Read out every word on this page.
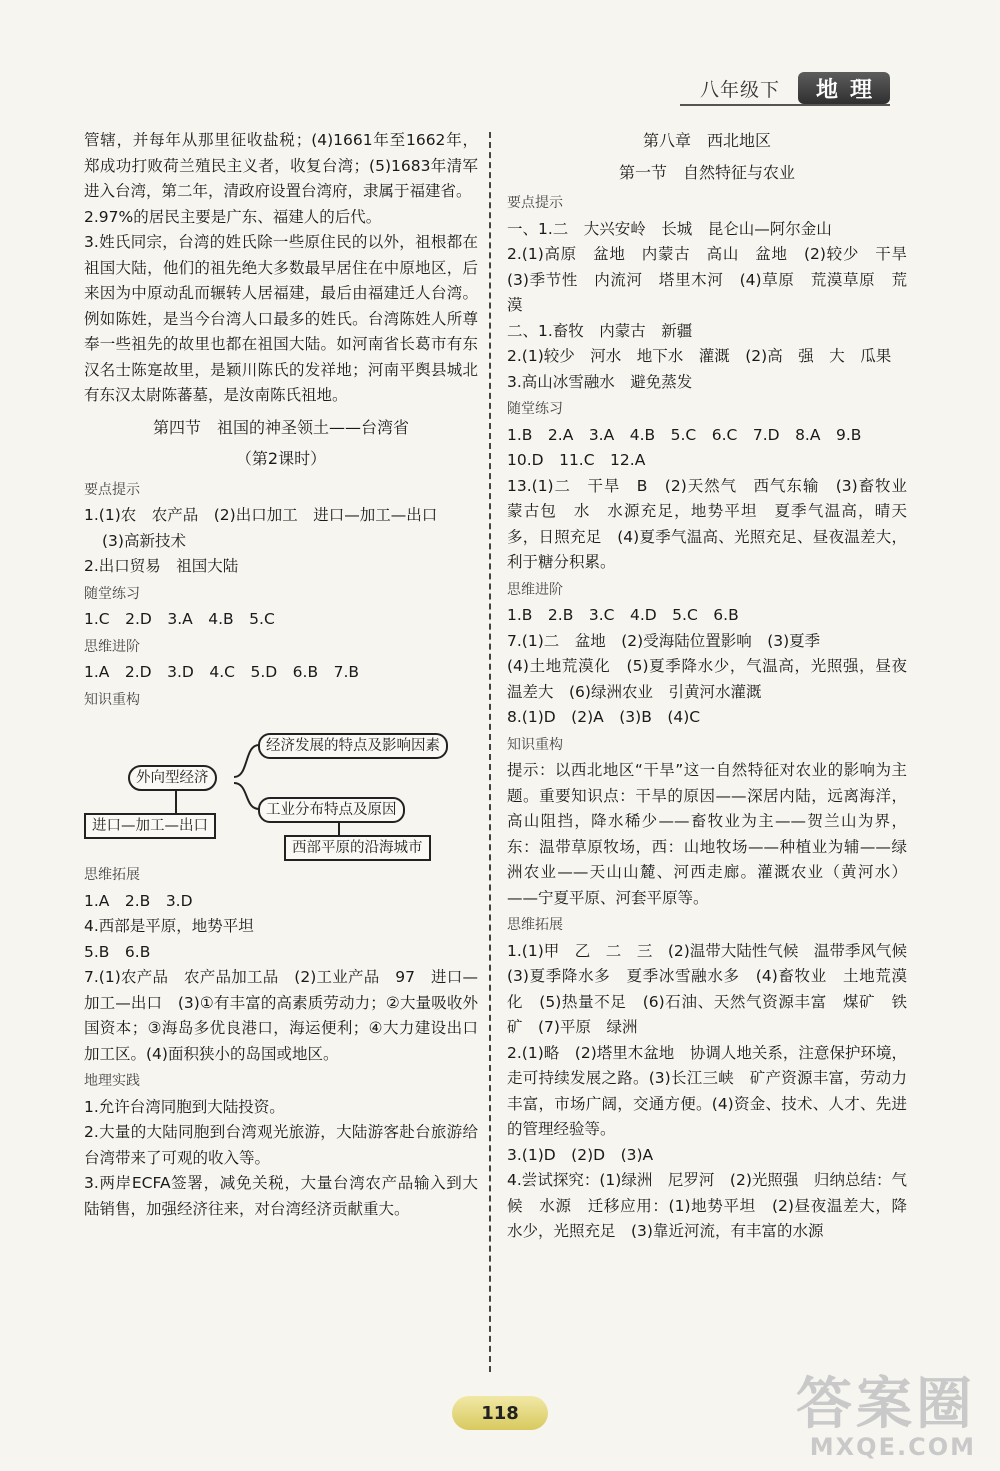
八年级下	地理

管辖，并每年从那里征收盐税；(4)1661年至1662年，郑成功打败荷兰殖民主义者，收复台湾；(5)1683年清军进入台湾，第二年，清政府设置台湾府，隶属于福建省。

2.97%的居民主要是广东、福建人的后代。

3.姓氏同宗，台湾的姓氏除一些原住民的以外，祖根都在祖国大陆，他们的祖先绝大多数最早居住在中原地区，后来因为中原动乱而辗转人居福建，最后由福建迁人台湾。例如陈姓，是当今台湾人口最多的姓氏。台湾陈姓人所尊奉一些祖先的故里也都在祖国大陆。如河南省长葛市有东汉名士陈寔故里，是颖川陈氏的发祥地；河南平舆县城北有东汉太尉陈蕃墓，是汝南陈氏祖地。

第四节　祖国的神圣领土——台湾省

（第2课时）

要点提示

1.(1)农　农产品　(2)出口加工　进口—加工—出口

(3)高新技术

2.出口贸易　祖国大陆

随堂练习

1.C　2.D　3.A　4.B　5.C

思维进阶

1.A　2.D　3.D　4.C　5.D　6.B　7.B

知识重构

外向型经济
经济发展的特点及影响因素
工业分布特点及原因
进口—加工—出口
西部平原的沿海城市

思维拓展

1.A　2.B　3.D

4.西部是平原，地势平坦

5.B　6.B

7.(1)农产品　农产品加工品　(2)工业产品　97　进口—加工—出口　(3)①有丰富的高素质劳动力；②大量吸收外国资本；③海岛多优良港口，海运便利；④大力建设出口加工区。(4)面积狭小的岛国或地区。

地理实践

1.允许台湾同胞到大陆投资。

2.大量的大陆同胞到台湾观光旅游，大陆游客赴台旅游给台湾带来了可观的收入等。

3.两岸ECFA签署，减免关税，大量台湾农产品输入到大陆销售，加强经济往来，对台湾经济贡献重大。

第八章　西北地区

第一节　自然特征与农业

要点提示

一、1.二　大兴安岭　长城　昆仑山—阿尔金山

2.(1)高原　盆地　内蒙古　高山　盆地　(2)较少　干旱　(3)季节性　内流河　塔里木河　(4)草原　荒漠草原　荒漠

二、1.畜牧　内蒙古　新疆

2.(1)较少　河水　地下水　灌溉　(2)高　强　大　瓜果

3.高山冰雪融水　避免蒸发

随堂练习

1.B　2.A　3.A　4.B　5.C　6.C　7.D　8.A　9.B

10.D　11.C　12.A

13.(1)二　干旱　B　(2)天然气　西气东输　(3)畜牧业　蒙古包　水　水源充足，地势平坦　夏季气温高，晴天多，日照充足　(4)夏季气温高、光照充足、昼夜温差大，利于糖分积累。

思维进阶

1.B　2.B　3.C　4.D　5.C　6.B

7.(1)二　盆地　(2)受海陆位置影响　(3)夏季

(4)土地荒漠化　(5)夏季降水少，气温高，光照强，昼夜温差大　(6)绿洲农业　引黄河水灌溉

8.(1)D　(2)A　(3)B　(4)C

知识重构

提示：以西北地区“干旱”这一自然特征对农业的影响为主题。重要知识点：干旱的原因——深居内陆，远离海洋，高山阻挡，降水稀少——畜牧业为主——贺兰山为界，东：温带草原牧场，西：山地牧场——种植业为辅——绿洲农业——天山山麓、河西走廊。灌溉农业（黄河水）——宁夏平原、河套平原等。

思维拓展

1.(1)甲　乙　二　三　(2)温带大陆性气候　温带季风气候　(3)夏季降水多　夏季冰雪融水多　(4)畜牧业　土地荒漠化　(5)热量不足　(6)石油、天然气资源丰富　煤矿　铁矿　(7)平原　绿洲

2.(1)略　(2)塔里木盆地　协调人地关系，注意保护环境，走可持续发展之路。(3)长江三峡　矿产资源丰富，劳动力丰富，市场广阔，交通方便。(4)资金、技术、人才、先进的管理经验等。

3.(1)D　(2)D　(3)A

4.尝试探究：(1)绿洲　尼罗河　(2)光照强　归纳总结：气候　水源　迁移应用：(1)地势平坦　(2)昼夜温差大，降水少，光照充足　(3)靠近河流，有丰富的水源

118	答案圈
MXQE.COM
